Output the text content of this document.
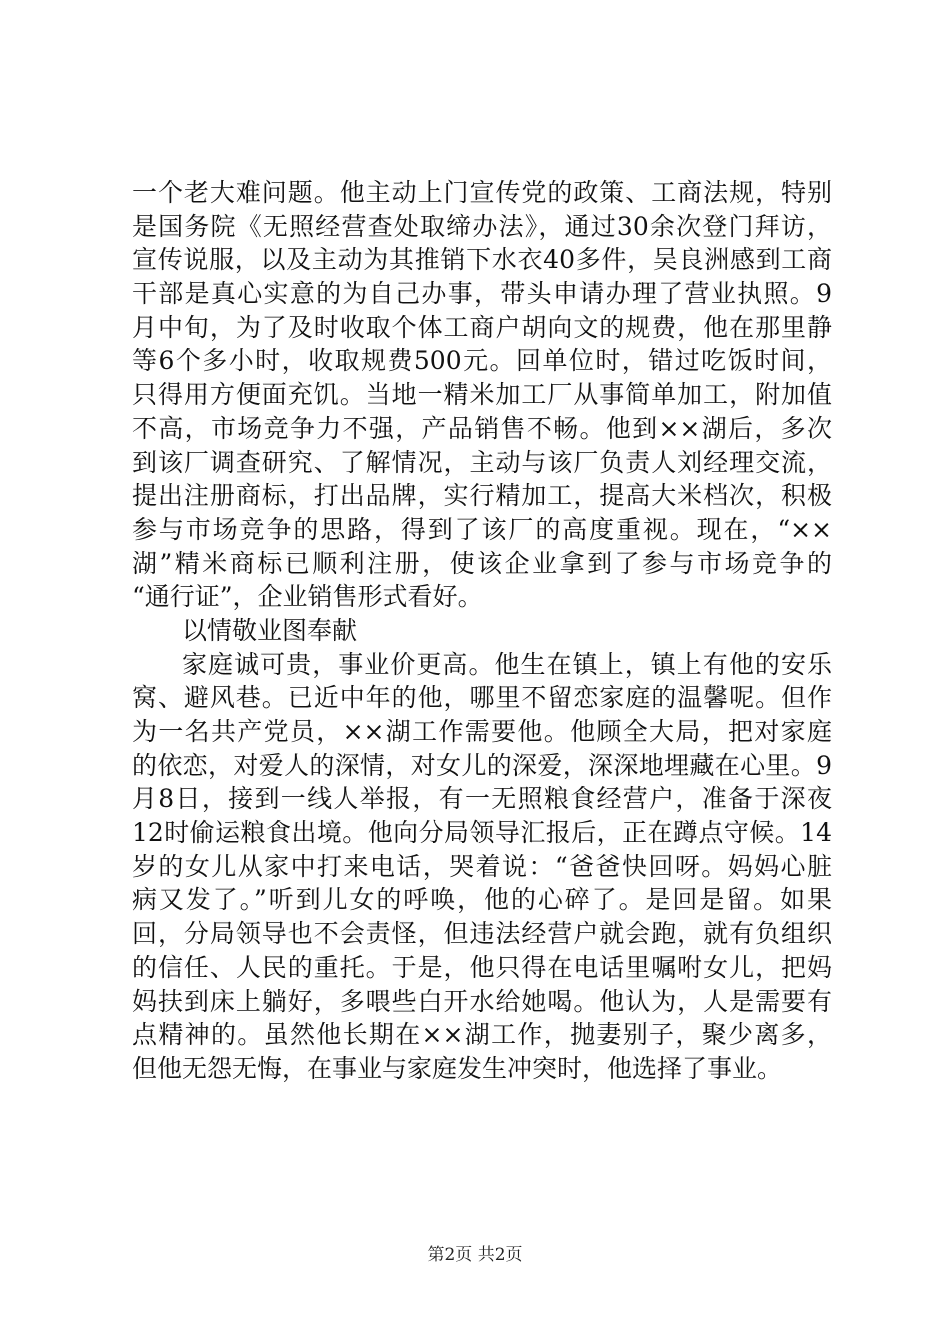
一个老大难问题。他主动上门宣传党的政策、工商法规，特别
是国务院《无照经营查处取缔办法》，通过30余次登门拜访，
宣传说服，以及主动为其推销下水衣40多件，吴良洲感到工商
干部是真心实意的为自己办事，带头申请办理了营业执照。9
月中旬，为了及时收取个体工商户胡向文的规费，他在那里静
等6个多小时，收取规费500元。回单位时，错过吃饭时间，
只得用方便面充饥。当地一精米加工厂从事简单加工，附加值
不高，市场竞争力不强，产品销售不畅。他到××湖后，多次
到该厂调查研究、了解情况，主动与该厂负责人刘经理交流，
提出注册商标，打出品牌，实行精加工，提高大米档次，积极
参与市场竞争的思路，得到了该厂的高度重视。现在，“××
湖”精米商标已顺利注册，使该企业拿到了参与市场竞争的
“通行证”，企业销售形式看好。
以情敬业图奉献
家庭诚可贵，事业价更高。他生在镇上，镇上有他的安乐
窝、避风巷。已近中年的他，哪里不留恋家庭的温馨呢。但作
为一名共产党员，××湖工作需要他。他顾全大局，把对家庭
的依恋，对爱人的深情，对女儿的深爱，深深地埋藏在心里。9
月8日，接到一线人举报，有一无照粮食经营户，准备于深夜
12时偷运粮食出境。他向分局领导汇报后，正在蹲点守候。14
岁的女儿从家中打来电话，哭着说：“爸爸快回呀。妈妈心脏
病又发了。”听到儿女的呼唤，他的心碎了。是回是留。如果
回，分局领导也不会责怪，但违法经营户就会跑，就有负组织
的信任、人民的重托。于是，他只得在电话里嘱咐女儿，把妈
妈扶到床上躺好，多喂些白开水给她喝。他认为，人是需要有
点精神的。虽然他长期在××湖工作，抛妻别子，聚少离多，
但他无怨无悔，在事业与家庭发生冲突时，他选择了事业。
第2页 共2页
